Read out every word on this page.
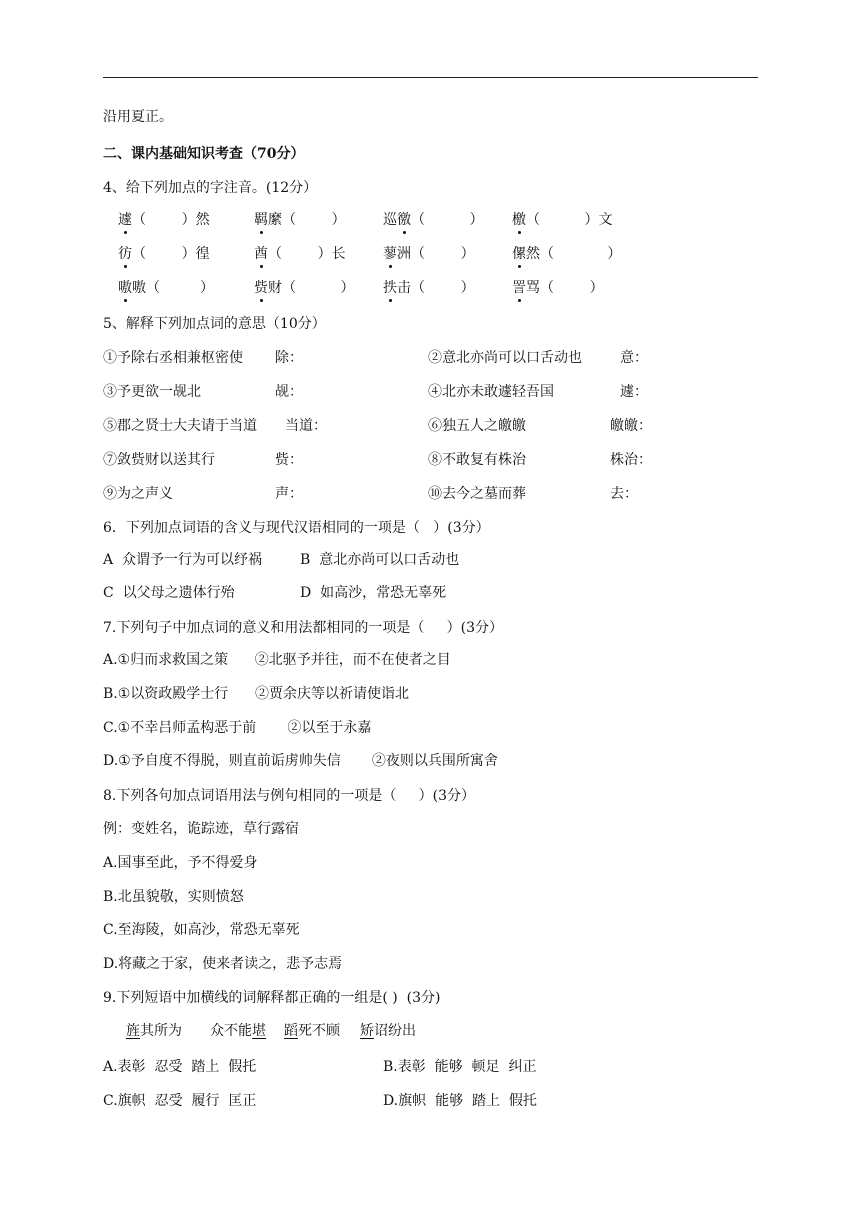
沿用夏正。
二、课内基础知识考查（70分）
4、给下列加点的字注音。(12分）
遽（        ）然	羁縻（        ）	巡徼（          ） 檄（          ）文
彷（        ）徨	酋（        ）长	蓼洲（        ）	傫然（            ）
嗷嗷（         ）	赀财（          ） 抶击（        ）	詈骂（        ）
5、解释下列加点词的意思（10分）
①予除右丞相兼枢密使 除：	②意北亦尚可以口舌动也	意：
③予更欲一觇北	觇：	④北亦未敢遽轻吾国	遽：
⑤郡之贤士大夫请于当道 当道：	⑥独五人之皦皦	皦皦：
⑦敛赀财以送其行	赀：	⑧不敢复有株治	株治：
⑨为之声义	声：	⑩去今之墓而葬	去：
6．下列加点词语的含义与现代汉语相同的一项是（   ）(3分）
A  众谓予一行为可以纾祸	B  意北亦尚可以口舌动也
C  以父母之遗体行殆	D  如高沙，常恐无辜死
7.下列句子中加点词的意义和用法都相同的一项是（     ）(3分）
A.①归而求救国之策      ②北驱予并往，而不在使者之目
B.①以资政殿学士行      ②贾余庆等以祈请使诣北
C.①不幸吕师孟构恶于前       ②以至于永嘉
D.①予自度不得脱，则直前诟虏帅失信       ②夜则以兵围所寓舍
8.下列各句加点词语用法与例句相同的一项是（     ）(3分）
例：变姓名，诡踪迹，草行露宿
A.国事至此，予不得爱身
B.北虽貌敬，实则愤怒
C.至海陵，如高沙，常恐无辜死
D.将藏之于家，使来者读之，悲予志焉
9.下列短语中加横线的词解释都正确的一组是( )  (3分)
旌其所为 众不能堪 蹈死不顾 矫诏纷出
A.表彰  忍受  踏上  假托	B.表彰  能够  顿足  纠正
C.旗帜  忍受  履行  匡正	D.旗帜  能够  踏上  假托
